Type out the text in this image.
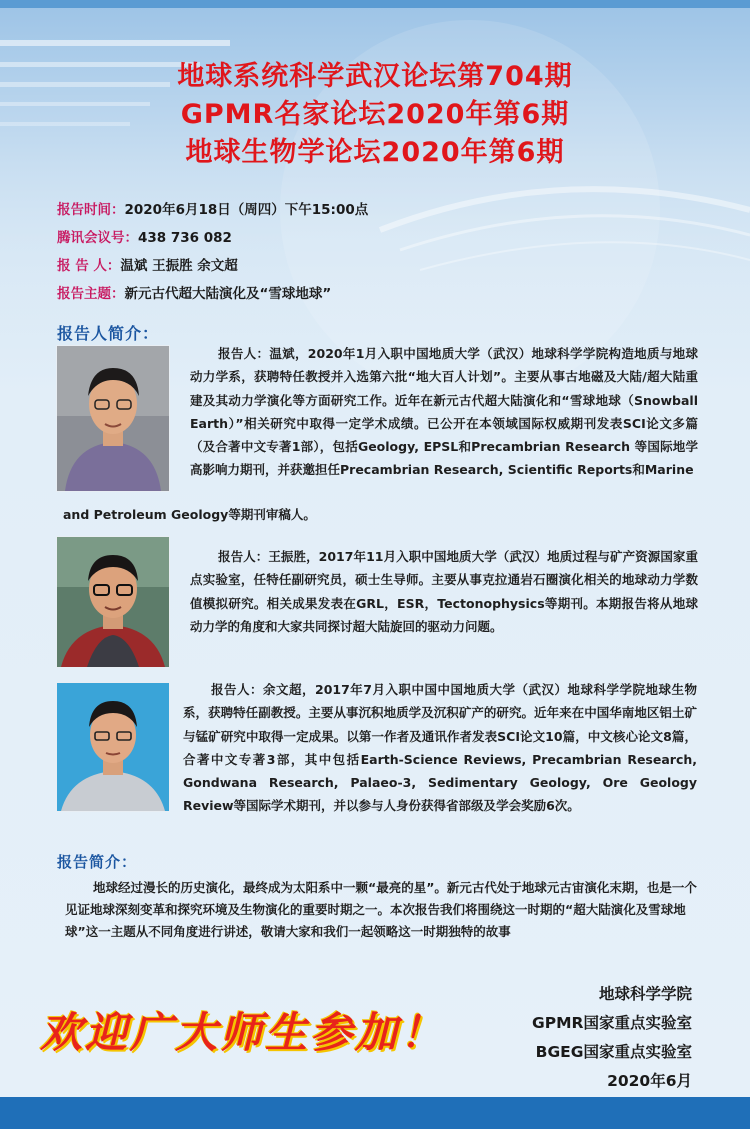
地球系统科学武汉论坛第704期
GPMR名家论坛2020年第6期
地球生物学论坛2020年第6期
报告时间：2020年6月18日（周四）下午15:00点
腾讯会议号：438 736 082
报 告 人：温斌 王振胜 余文超
报告主题：新元古代超大陆演化及“雪球地球”
报告人简介：

报告人：温斌，2020年1月入职中国地质大学（武汉）地球科学学院构造地质与地球动力学系，获聘特任教授并入选第六批“地大百人计划”。主要从事古地磁及大陆/超大陆重建及其动力学演化等方面研究工作。近年在新元古代超大陆演化和“雪球地球（Snowball Earth）”相关研究中取得一定学术成绩。已公开在本领域国际权威期刊发表SCI论文多篇（及合著中文专著1部），包括Geology, EPSL和Precambrian Research 等国际地学高影响力期刊，并获邀担任Precambrian Research, Scientific Reports和Marine

and Petroleum Geology等期刊审稿人。

报告人：王振胜，2017年11月入职中国地质大学（武汉）地质过程与矿产资源国家重点实验室，任特任副研究员，硕士生导师。主要从事克拉通岩石圈演化相关的地球动力学数值模拟研究。相关成果发表在GRL，ESR，Tectonophysics等期刊。本期报告将从地球动力学的角度和大家共同探讨超大陆旋回的驱动力问题。

报告人：余文超，2017年7月入职中国中国地质大学（武汉）地球科学学院地球生物系，获聘特任副教授。主要从事沉积地质学及沉积矿产的研究。近年来在中国华南地区铝土矿与锰矿研究中取得一定成果。以第一作者及通讯作者发表SCI论文10篇，中文核心论文8篇，合著中文专著3部，其中包括Earth-Science Reviews, Precambrian Research, Gondwana Research, Palaeo-3, Sedimentary Geology, Ore Geology Review等国际学术期刊，并以参与人身份获得省部级及学会奖励6次。

报告简介：

地球经过漫长的历史演化，最终成为太阳系中一颗“最亮的星”。新元古代处于地球元古宙演化末期，也是一个见证地球深刻变革和探究环境及生物演化的重要时期之一。本次报告我们将围绕这一时期的“超大陆演化及雪球地球”这一主题从不同角度进行讲述，敬请大家和我们一起领略这一时期独特的故事

欢迎广大师生参加！
地球科学学院
GPMR国家重点实验室
BGEG国家重点实验室
2020年6月
